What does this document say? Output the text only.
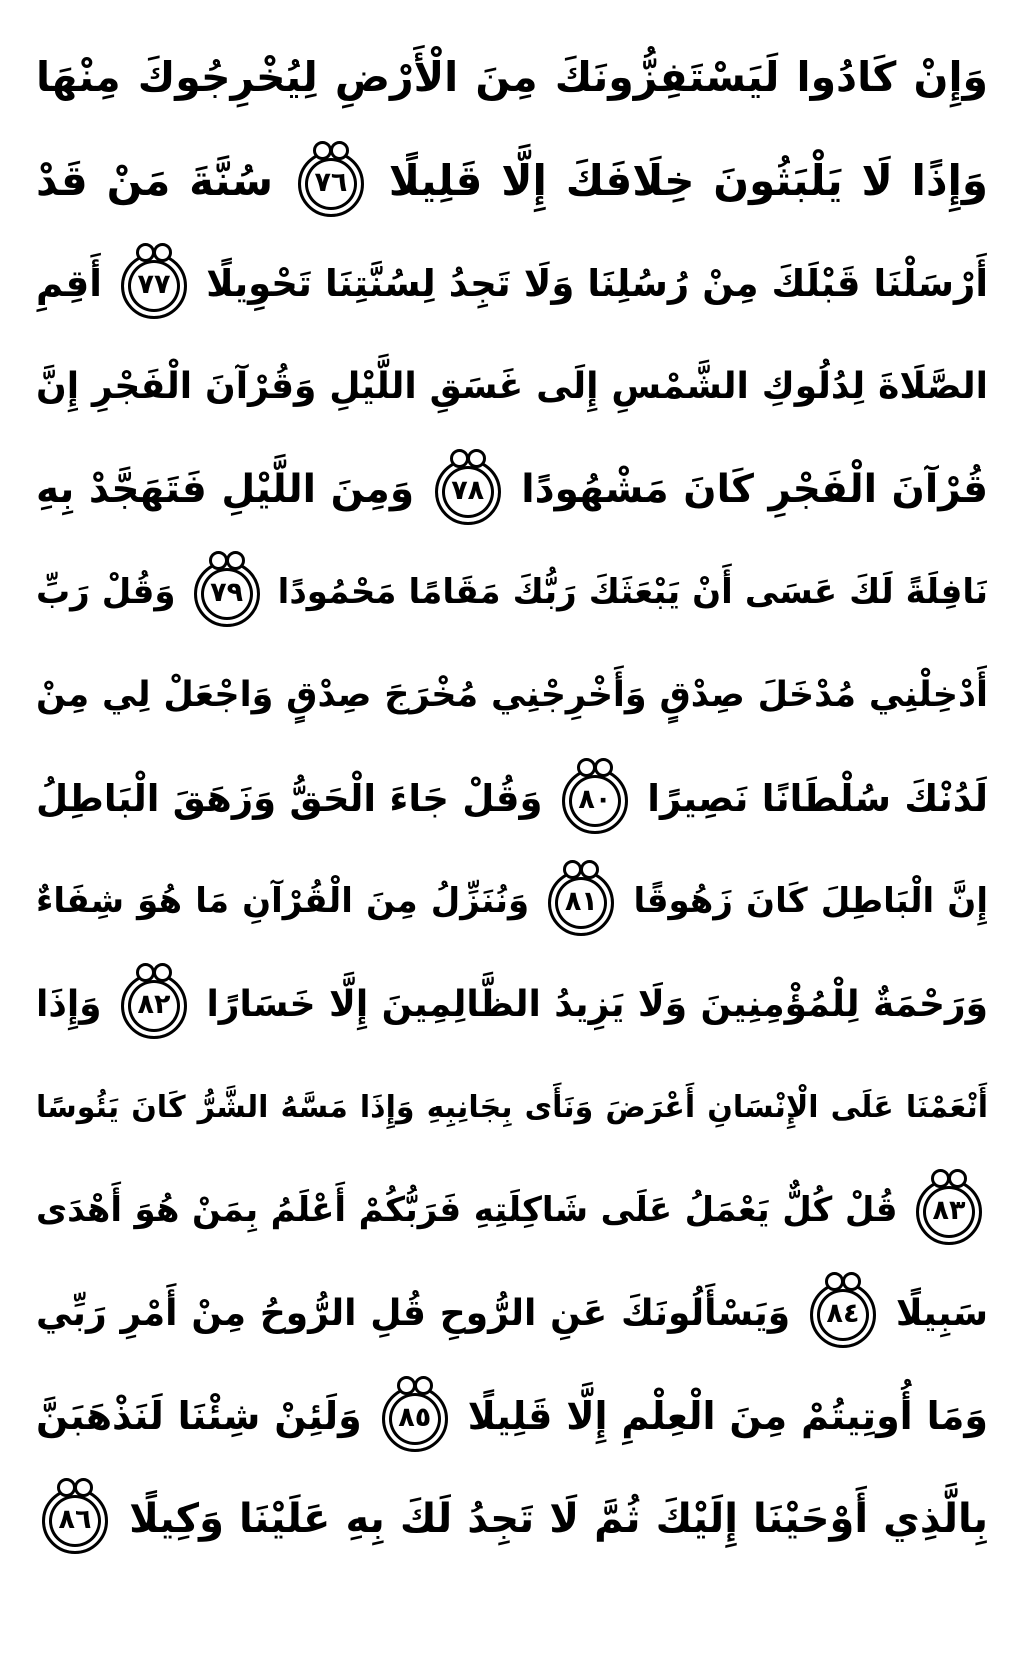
وَإِنْ كَادُوا لَيَسْتَفِزُّونَكَ مِنَ الْأَرْضِ لِيُخْرِجُوكَ مِنْهَا
وَإِذًا لَا يَلْبَثُونَ خِلَافَكَ إِلَّا قَلِيلًا ٧٦ سُنَّةَ مَنْ قَدْ
أَرْسَلْنَا قَبْلَكَ مِنْ رُسُلِنَا وَلَا تَجِدُ لِسُنَّتِنَا تَحْوِيلًا ٧٧ أَقِمِ
الصَّلَاةَ لِدُلُوكِ الشَّمْسِ إِلَى غَسَقِ اللَّيْلِ وَقُرْآنَ الْفَجْرِ إِنَّ
قُرْآنَ الْفَجْرِ كَانَ مَشْهُودًا ٧٨ وَمِنَ اللَّيْلِ فَتَهَجَّدْ بِهِ
نَافِلَةً لَكَ عَسَى أَنْ يَبْعَثَكَ رَبُّكَ مَقَامًا مَحْمُودًا ٧٩ وَقُلْ رَبِّ
أَدْخِلْنِي مُدْخَلَ صِدْقٍ وَأَخْرِجْنِي مُخْرَجَ صِدْقٍ وَاجْعَلْ لِي مِنْ
لَدُنْكَ سُلْطَانًا نَصِيرًا ٨٠ وَقُلْ جَاءَ الْحَقُّ وَزَهَقَ الْبَاطِلُ
إِنَّ الْبَاطِلَ كَانَ زَهُوقًا ٨١ وَنُنَزِّلُ مِنَ الْقُرْآنِ مَا هُوَ شِفَاءٌ
وَرَحْمَةٌ لِلْمُؤْمِنِينَ وَلَا يَزِيدُ الظَّالِمِينَ إِلَّا خَسَارًا ٨٢ وَإِذَا
أَنْعَمْنَا عَلَى الْإِنْسَانِ أَعْرَضَ وَنَأَى بِجَانِبِهِ وَإِذَا مَسَّهُ الشَّرُّ كَانَ يَئُوسًا
٨٣ قُلْ كُلٌّ يَعْمَلُ عَلَى شَاكِلَتِهِ فَرَبُّكُمْ أَعْلَمُ بِمَنْ هُوَ أَهْدَى
سَبِيلًا ٨٤ وَيَسْأَلُونَكَ عَنِ الرُّوحِ قُلِ الرُّوحُ مِنْ أَمْرِ رَبِّي
وَمَا أُوتِيتُمْ مِنَ الْعِلْمِ إِلَّا قَلِيلًا ٨٥ وَلَئِنْ شِئْنَا لَنَذْهَبَنَّ
بِالَّذِي أَوْحَيْنَا إِلَيْكَ ثُمَّ لَا تَجِدُ لَكَ بِهِ عَلَيْنَا وَكِيلًا ٨٦
